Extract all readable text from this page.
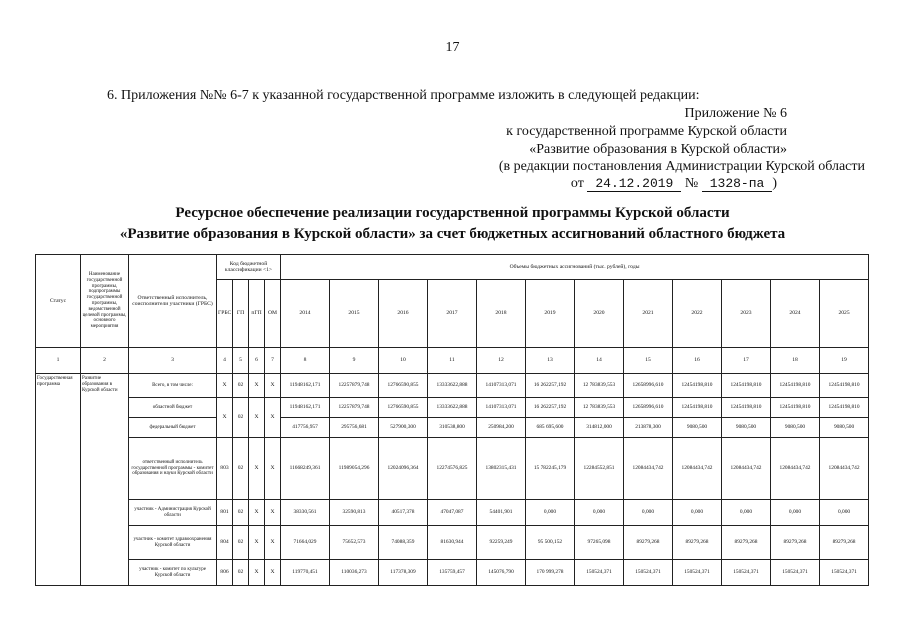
17
6. Приложения №№ 6-7 к указанной государственной программе изложить в следующей редакции:
Приложение № 6
к государственной программе Курской области
«Развитие образования в Курской области»
(в редакции постановления Администрации Курской области
от 24.12.2019 № 1328-па )
Ресурсное обеспечение реализации государственной программы Курской области
«Развитие образования в Курской области» за счет бюджетных ассигнований областного бюджета
Статус	Наименование государственной программы, подпрограммы государственной программы, ведомственной целевой программы, основного мероприятия	Ответственный исполнитель, соисполнители участники (ГРБС)	Код бюджетной классификации <1>				Объемы бюджетных ассигнований (тыс. рублей), годы											
			ГРБС	ГП	пГП	ОМ	2014	2015	2016	2017	2018	2019	2020	2021	2022	2023	2024	2025
1	2	3	4	5	6	7	8	9	10	11	12	13	14	15	16	17	18	19
Государственная программа	Развитие образования в Курской области	Всего, в том числе:	X	02	X	X	11948162,171	12257879,748	12766590,855	13333622,888	14107313,071	16 262257,192	12 783839,553	12658996,610	12454198,810	12454198,810	12454198,810	12454198,810
		областной бюджет	X	02	X	X	11948162,171	12257879,748	12766590,855	13333622,888	14107313,071	16 262257,192	12 783839,553	12658996,610	12454198,810	12454198,810	12454198,810	12454198,810
		федеральный бюджет					417756,957	295756,681	527900,300	310538,800	250984,200	685 695,600	314812,000	213878,300	9080,500	9080,500	9080,500	9080,500
		ответственный исполнитель государственной программы - комитет образования и науки Курской области	803	02	X	X	11668249,361	11989054,296	12024096,364	12274576,825	13802315,431	15 782245,179	12284552,851	12084434,742	12084434,742	12084434,742	12084434,742	12084434,742
		участник - Администрация Курской области	801	02	X	X	38330,561	32590,813	40517,378	47047,087	54401,901	0,000	0,000	0,000	0,000	0,000	0,000	0,000
		участник - комитет здравоохранения Курской области	804	02	X	X	71664,029	75652,573	74088,359	81630,944	92259,249	95 500,152	97265,098	89279,268	89279,268	89279,268	89279,268	89279,268
		участник - комитет по культуре Курской области	806	02	X	X	119770,451	110036,273	117378,309	135759,457	145076,790	170 999,278	150524,371	150524,371	150524,371	150524,371	150524,371	150524,371
